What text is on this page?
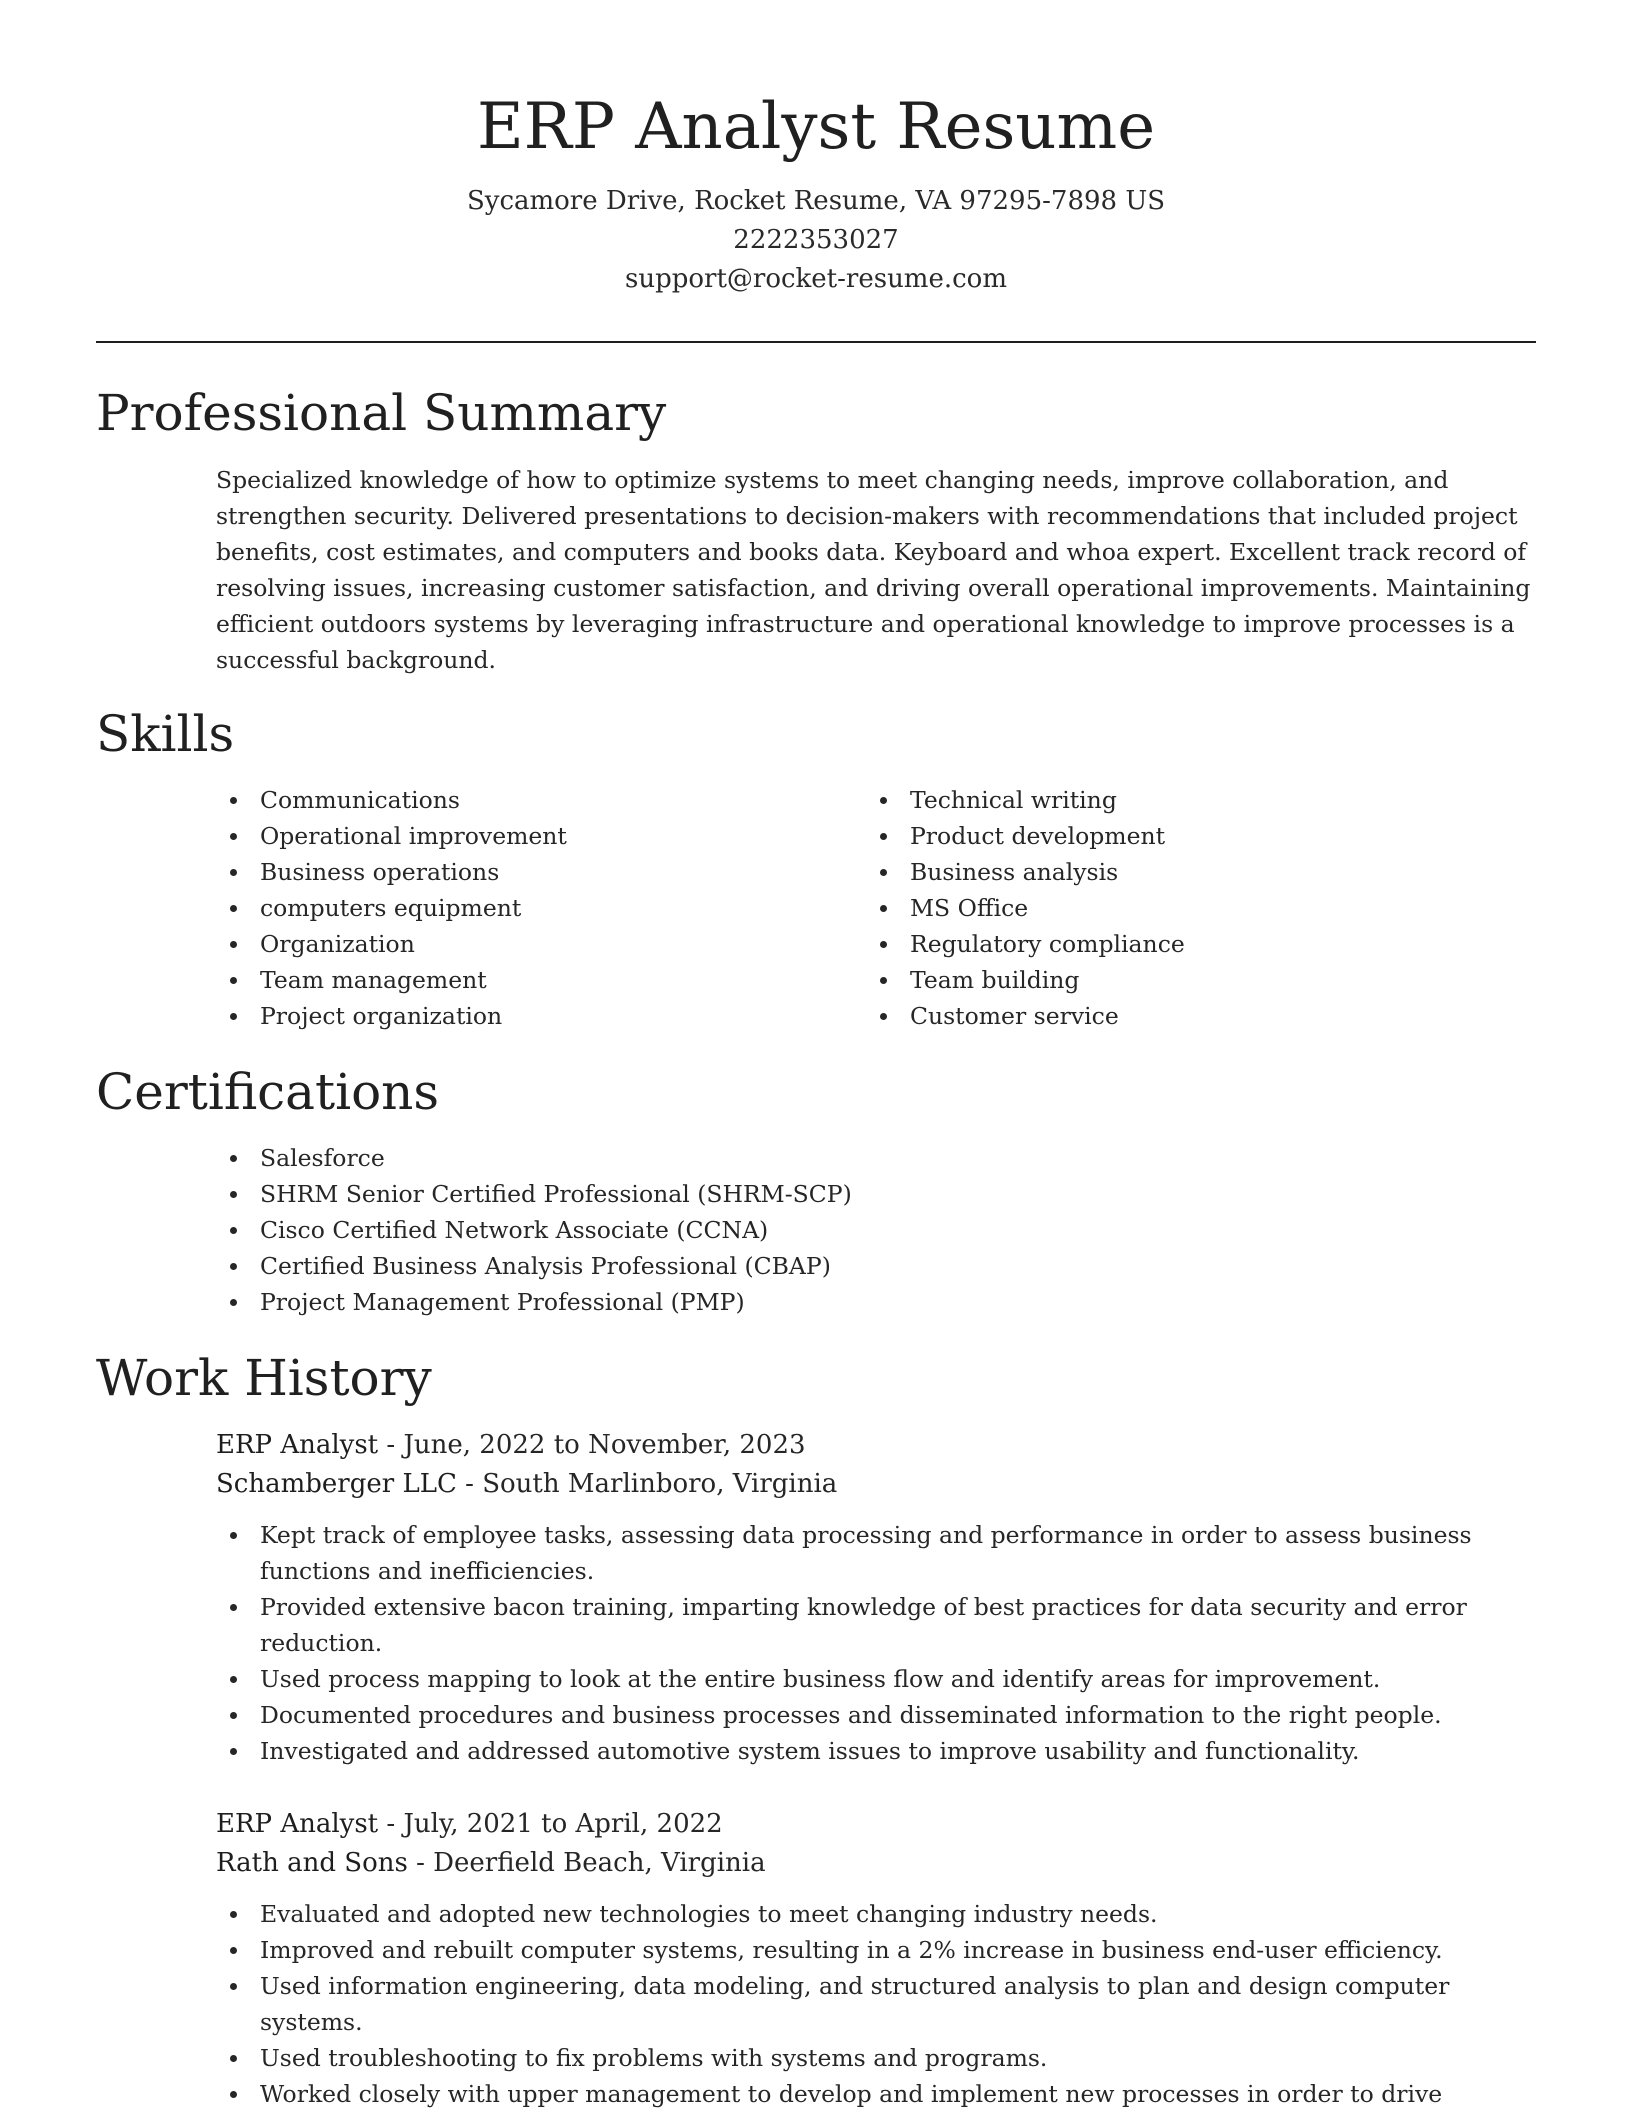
ERP Analyst Resume
Sycamore Drive, Rocket Resume, VA 97295-7898 US
2222353027
support@rocket-resume.com
Professional Summary

Specialized knowledge of how to optimize systems to meet changing needs, improve collaboration, and strengthen security. Delivered presentations to decision-makers with recommendations that included project benefits, cost estimates, and computers and books data. Keyboard and whoa expert. Excellent track record of resolving issues, increasing customer satisfaction, and driving overall operational improvements. Maintaining efficient outdoors systems by leveraging infrastructure and operational knowledge to improve processes is a successful background.

Skills
Communications
Operational improvement
Business operations
computers equipment
Organization
Team management
Project organization
Technical writing
Product development
Business analysis
MS Office
Regulatory compliance
Team building
Customer service
Certifications
Salesforce
SHRM Senior Certified Professional (SHRM-SCP)
Cisco Certified Network Associate (CCNA)
Certified Business Analysis Professional (CBAP)
Project Management Professional (PMP)
Work History
ERP Analyst - June, 2022 to November, 2023
Schamberger LLC - South Marlinboro, Virginia
Kept track of employee tasks, assessing data processing and performance in order to assess business functions and inefficiencies.
Provided extensive bacon training, imparting knowledge of best practices for data security and error reduction.
Used process mapping to look at the entire business flow and identify areas for improvement.
Documented procedures and business processes and disseminated information to the right people.
Investigated and addressed automotive system issues to improve usability and functionality.
ERP Analyst - July, 2021 to April, 2022
Rath and Sons - Deerfield Beach, Virginia
Evaluated and adopted new technologies to meet changing industry needs.
Improved and rebuilt computer systems, resulting in a 2% increase in business end-user efficiency.
Used information engineering, data modeling, and structured analysis to plan and design computer systems.
Used troubleshooting to fix problems with systems and programs.
Worked closely with upper management to develop and implement new processes in order to drive
